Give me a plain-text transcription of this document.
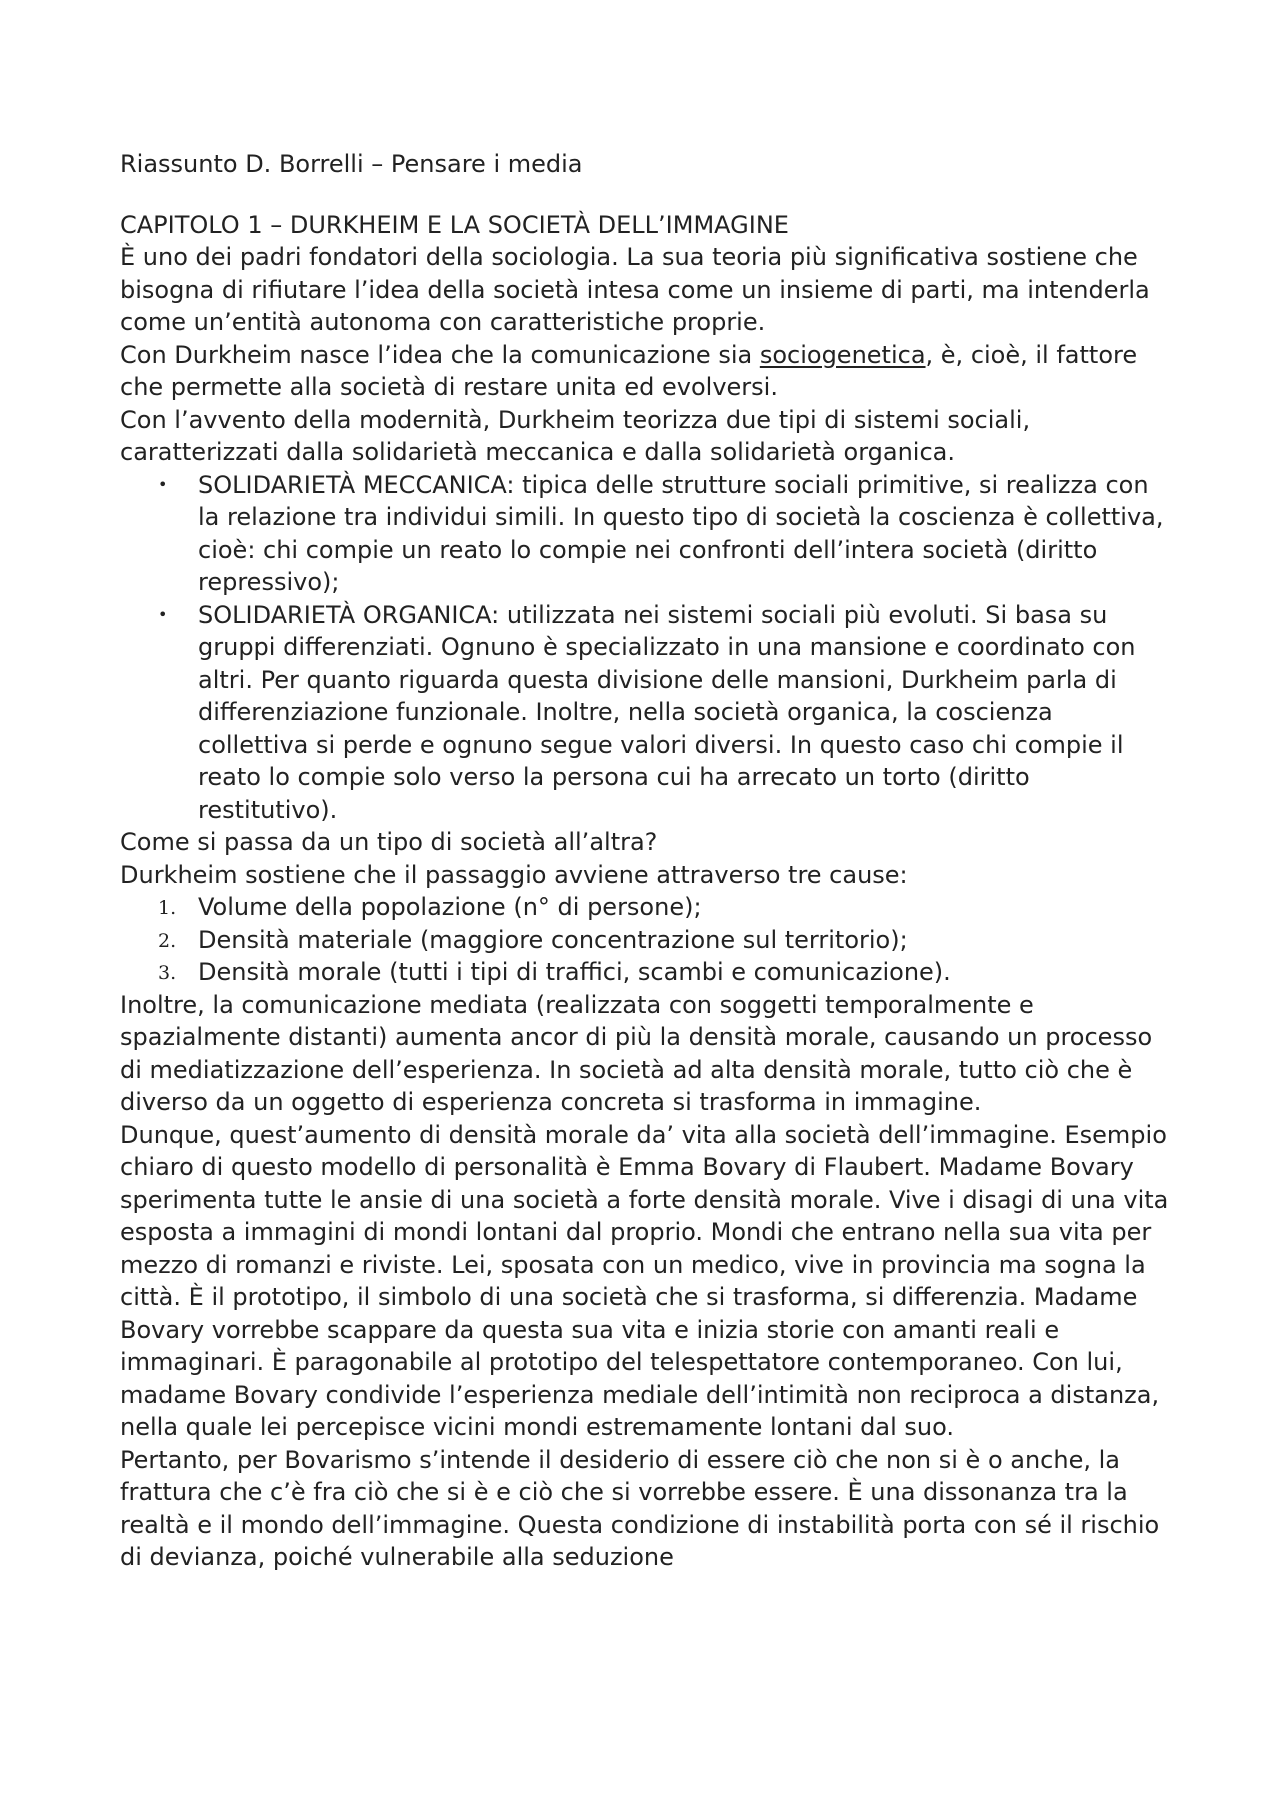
Riassunto D. Borrelli – Pensare i media

CAPITOLO 1 – DURKHEIM E LA SOCIETÀ DELL’IMMAGINE

È uno dei padri fondatori della sociologia. La sua teoria più significativa sostiene che bisogna di rifiutare l’idea della società intesa come un insieme di parti, ma intenderla come un’entità autonoma con caratteristiche proprie.

Con Durkheim nasce l’idea che la comunicazione sia sociogenetica, è, cioè, il fattore che permette alla società di restare unita ed evolversi.

Con l’avvento della modernità, Durkheim teorizza due tipi di sistemi sociali, caratterizzati dalla solidarietà meccanica e dalla solidarietà organica.

• SOLIDARIETÀ MECCANICA: tipica delle strutture sociali primitive, si realizza con la relazione tra individui simili. In questo tipo di società la coscienza è collettiva, cioè: chi compie un reato lo compie nei confronti dell’intera società (diritto repressivo);
• SOLIDARIETÀ ORGANICA: utilizzata nei sistemi sociali più evoluti. Si basa su gruppi differenziati. Ognuno è specializzato in una mansione e coordinato con altri. Per quanto riguarda questa divisione delle mansioni, Durkheim parla di differenziazione funzionale. Inoltre, nella società organica, la coscienza collettiva si perde e ognuno segue valori diversi. In questo caso chi compie il reato lo compie solo verso la persona cui ha arrecato un torto (diritto restitutivo).

Come si passa da un tipo di società all’altra?

Durkheim sostiene che il passaggio avviene attraverso tre cause:

1. Volume della popolazione (n° di persone);
2. Densità materiale (maggiore concentrazione sul territorio);
3. Densità morale (tutti i tipi di traffici, scambi e comunicazione).

Inoltre, la comunicazione mediata (realizzata con soggetti temporalmente e spazialmente distanti) aumenta ancor di più la densità morale, causando un processo di mediatizzazione dell’esperienza. In società ad alta densità morale, tutto ciò che è diverso da un oggetto di esperienza concreta si trasforma in immagine.

Dunque, quest’aumento di densità morale da’ vita alla società dell’immagine. Esempio chiaro di questo modello di personalità è Emma Bovary di Flaubert. Madame Bovary sperimenta tutte le ansie di una società a forte densità morale. Vive i disagi di una vita esposta a immagini di mondi lontani dal proprio. Mondi che entrano nella sua vita per mezzo di romanzi e riviste. Lei, sposata con un medico, vive in provincia ma sogna la città. È il prototipo, il simbolo di una società che si trasforma, si differenzia. Madame Bovary vorrebbe scappare da questa sua vita e inizia storie con amanti reali e immaginari. È paragonabile al prototipo del telespettatore contemporaneo. Con lui, madame Bovary condivide l’esperienza mediale dell’intimità non reciproca a distanza, nella quale lei percepisce vicini mondi estremamente lontani dal suo.

Pertanto, per Bovarismo s’intende il desiderio di essere ciò che non si è o anche, la frattura che c’è fra ciò che si è e ciò che si vorrebbe essere. È una dissonanza tra la realtà e il mondo dell’immagine. Questa condizione di instabilità porta con sé il rischio di devianza, poiché vulnerabile alla seduzione
